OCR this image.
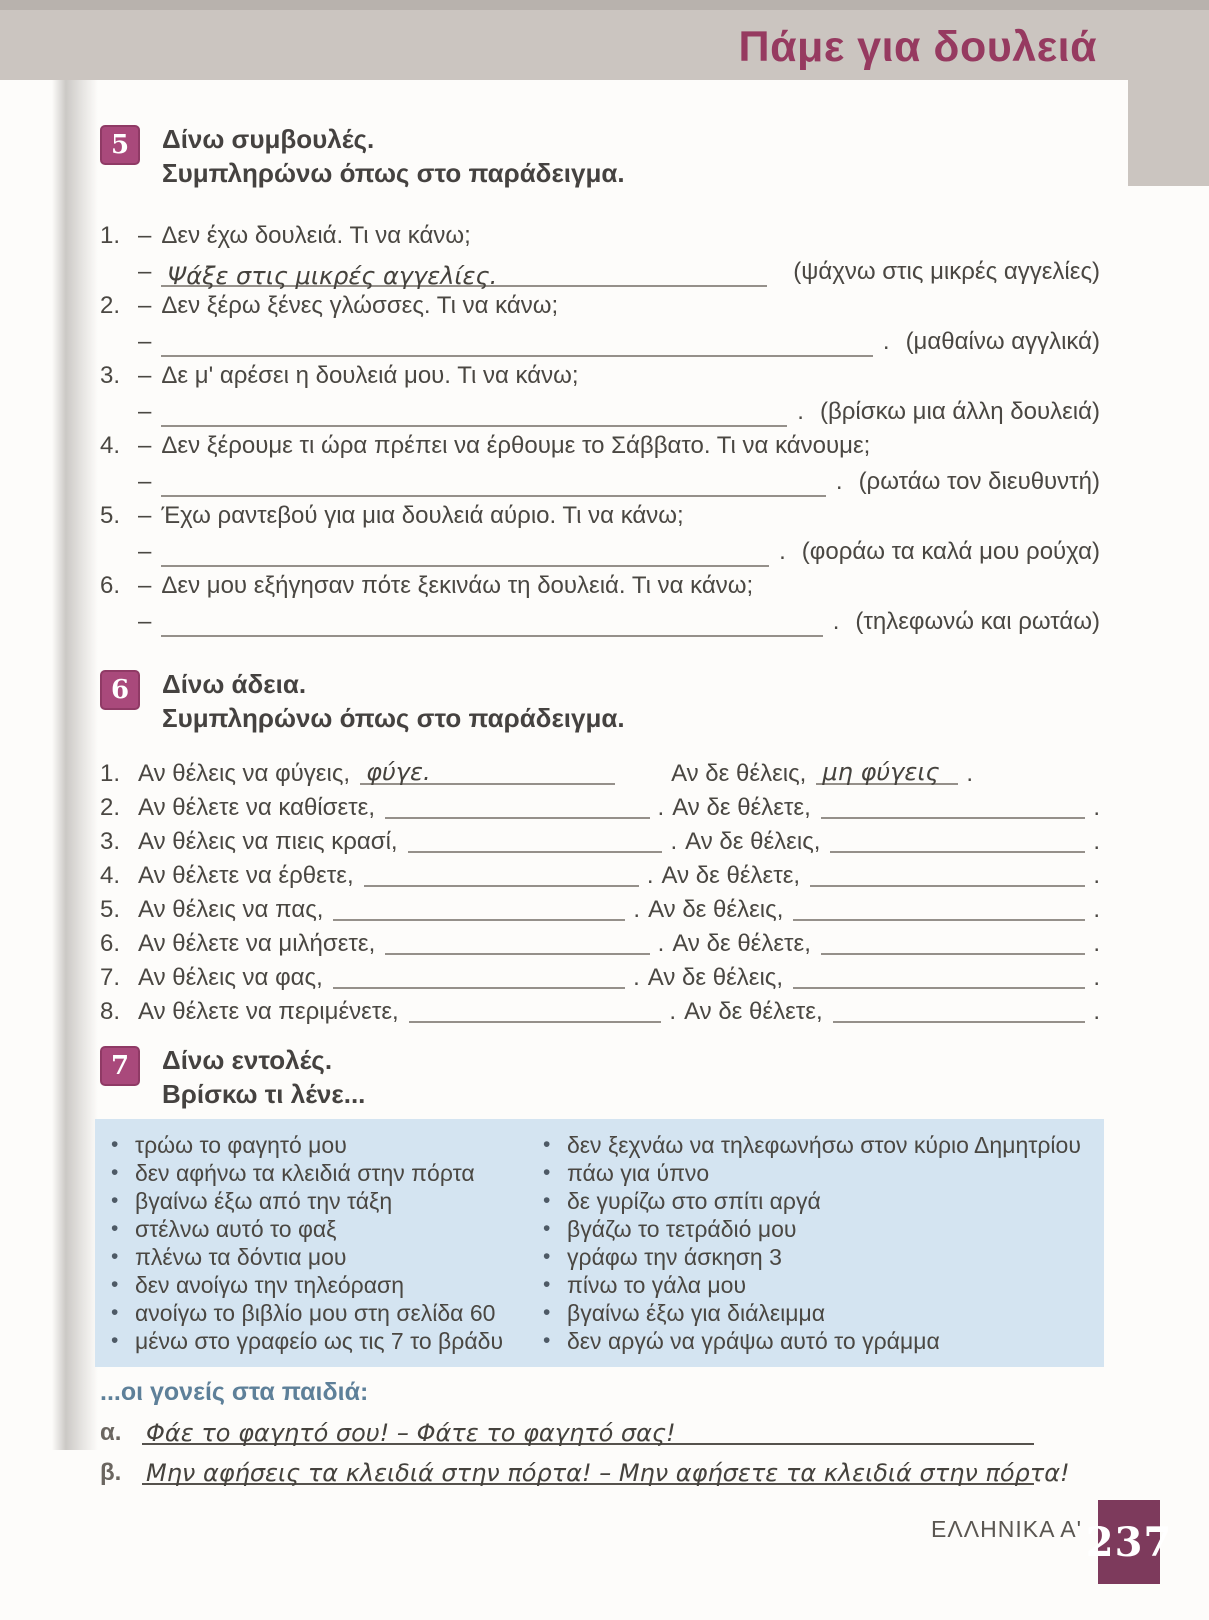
Πάμε για δουλειά
5	Δίνω συμβουλές.
Συμπληρώνω όπως στο παράδειγμα.
1. – Δεν έχω δουλειά. Τι να κάνω;
– Ψάξε στις μικρές αγγελίες.	(ψάχνω στις μικρές αγγελίες)
2. – Δεν ξέρω ξένες γλώσσες. Τι να κάνω;
–	. (μαθαίνω αγγλικά)
3. – Δε μ' αρέσει η δουλειά μου. Τι να κάνω;
–	. (βρίσκω μια άλλη δουλειά)
4. – Δεν ξέρουμε τι ώρα πρέπει να έρθουμε το Σάββατο. Τι να κάνουμε;
–	. (ρωτάω τον διευθυντή)
5. – Έχω ραντεβού για μια δουλειά αύριο. Τι να κάνω;
–	. (φοράω τα καλά μου ρούχα)
6. – Δεν μου εξήγησαν πότε ξεκινάω τη δουλειά. Τι να κάνω;
–	. (τηλεφωνώ και ρωτάω)
6	Δίνω άδεια.
Συμπληρώνω όπως στο παράδειγμα.
1. Αν θέλεις να φύγεις, φύγε.	Αν δε θέλεις, μη φύγεις .
2. Αν θέλετε να καθίσετε,	. Αν δε θέλετε,	.
3. Αν θέλεις να πιεις κρασί,	. Αν δε θέλεις,	.
4. Αν θέλετε να έρθετε,	. Αν δε θέλετε,	.
5. Αν θέλεις να πας,	. Αν δε θέλεις,	.
6. Αν θέλετε να μιλήσετε,	. Αν δε θέλετε,	.
7. Αν θέλεις να φας,	. Αν δε θέλεις,	.
8. Αν θέλετε να περιμένετε,	. Αν δε θέλετε,	.
7	Δίνω εντολές.
Βρίσκω τι λένε...
• τρώω το φαγητό μου
• δεν αφήνω τα κλειδιά στην πόρτα
• βγαίνω έξω από την τάξη
• στέλνω αυτό το φαξ
• πλένω τα δόντια μου
• δεν ανοίγω την τηλεόραση
• ανοίγω το βιβλίο μου στη σελίδα 60
• μένω στο γραφείο ως τις 7 το βράδυ
• δεν ξεχνάω να τηλεφωνήσω στον κύριο Δημητρίου
• πάω για ύπνο
• δε γυρίζω στο σπίτι αργά
• βγάζω το τετράδιό μου
• γράφω την άσκηση 3
• πίνω το γάλα μου
• βγαίνω έξω για διάλειμμα
• δεν αργώ να γράψω αυτό το γράμμα
...οι γονείς στα παιδιά:
α.	Φάε το φαγητό σου! – Φάτε το φαγητό σας!
β.	Μην αφήσεις τα κλειδιά στην πόρτα! – Μην αφήσετε τα κλειδιά στην πόρτα!
ΕΛΛΗΝΙΚΑ Α' 237
